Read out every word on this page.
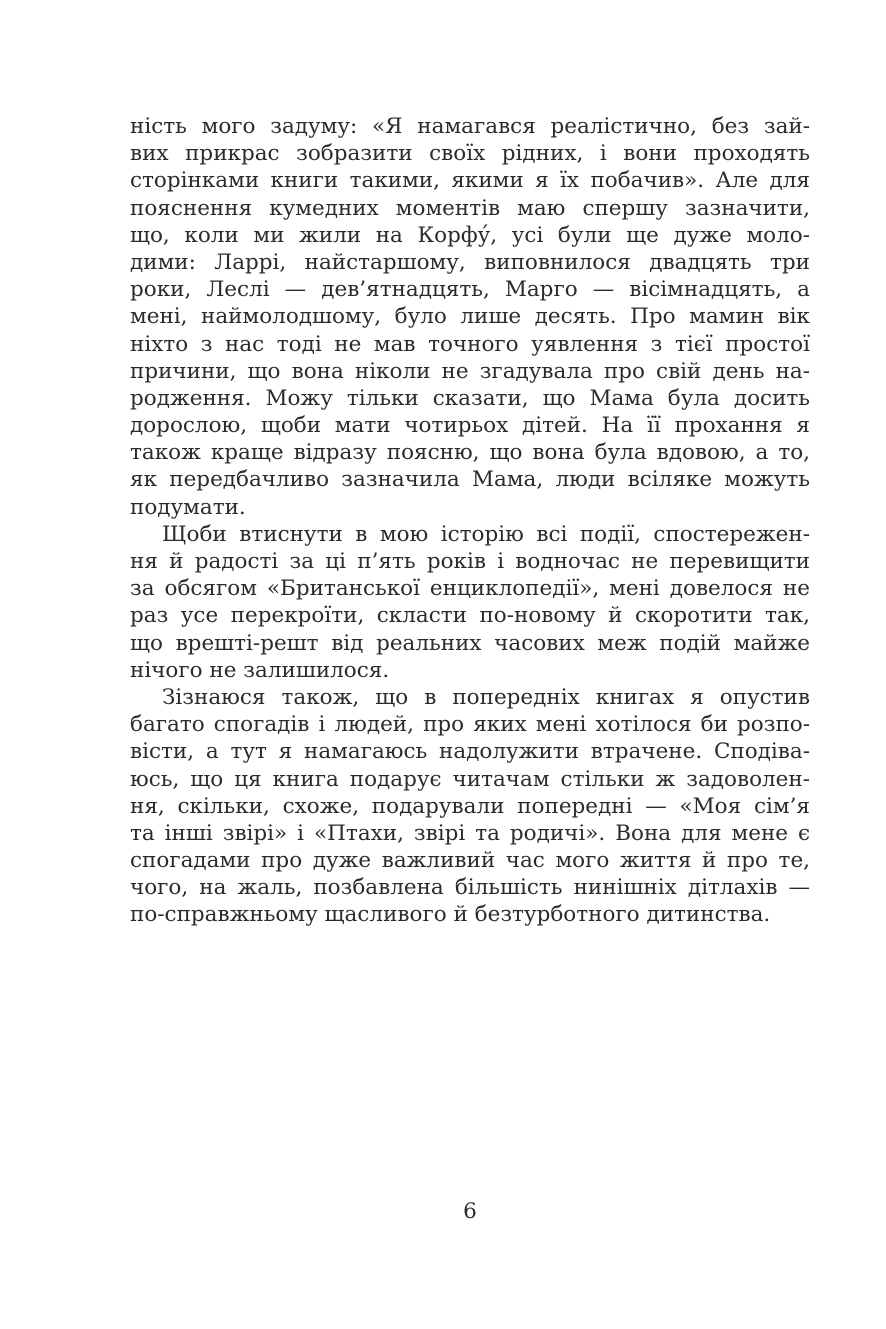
ність мого задуму: «Я намагався реалістично, без зай-
вих прикрас зобразити своїх рідних, і вони проходять
сторінками книги такими, якими я їх побачив». Але для
пояснення кумедних моментів маю спершу зазначити,
що, коли ми жили на Корфу́, усі були ще дуже моло-
дими: Ларрі, найстаршому, виповнилося двадцять три
роки, Леслі — дев’ятнадцять, Марго — вісімнадцять, а
мені, наймолодшому, було лише десять. Про мамин вік
ніхто з нас тоді не мав точного уявлення з тієї простої
причини, що вона ніколи не згадувала про свій день на-
родження. Можу тільки сказати, що Мама була досить
дорослою, щоби мати чотирьох дітей. На її прохання я
також краще відразу поясню, що вона була вдовою, а то,
як передбачливо зазначила Мама, люди всіляке можуть
подумати.
Щоби втиснути в мою історію всі події, спостережен-
ня й радості за ці п’ять років і водночас не перевищити
за обсягом «Британської енциклопедії», мені довелося не
раз усе перекроїти, скласти по-новому й скоротити так,
що врешті-решт від реальних часових меж подій майже
нічого не залишилося.
Зізнаюся також, що в попередніх книгах я опустив
багато спогадів і людей, про яких мені хотілося би розпо-
вісти, а тут я намагаюсь надолужити втрачене. Сподіва-
юсь, що ця книга подарує читачам стільки ж задоволен-
ня, скільки, схоже, подарували попередні — «Моя сім’я
та інші звірі» і «Птахи, звірі та родичі». Вона для мене є
спогадами про дуже важливий час мого життя й про те,
чого, на жаль, позбавлена більшість нинішніх дітлахів —
по-справжньому щасливого й безтурботного дитинства.
6
